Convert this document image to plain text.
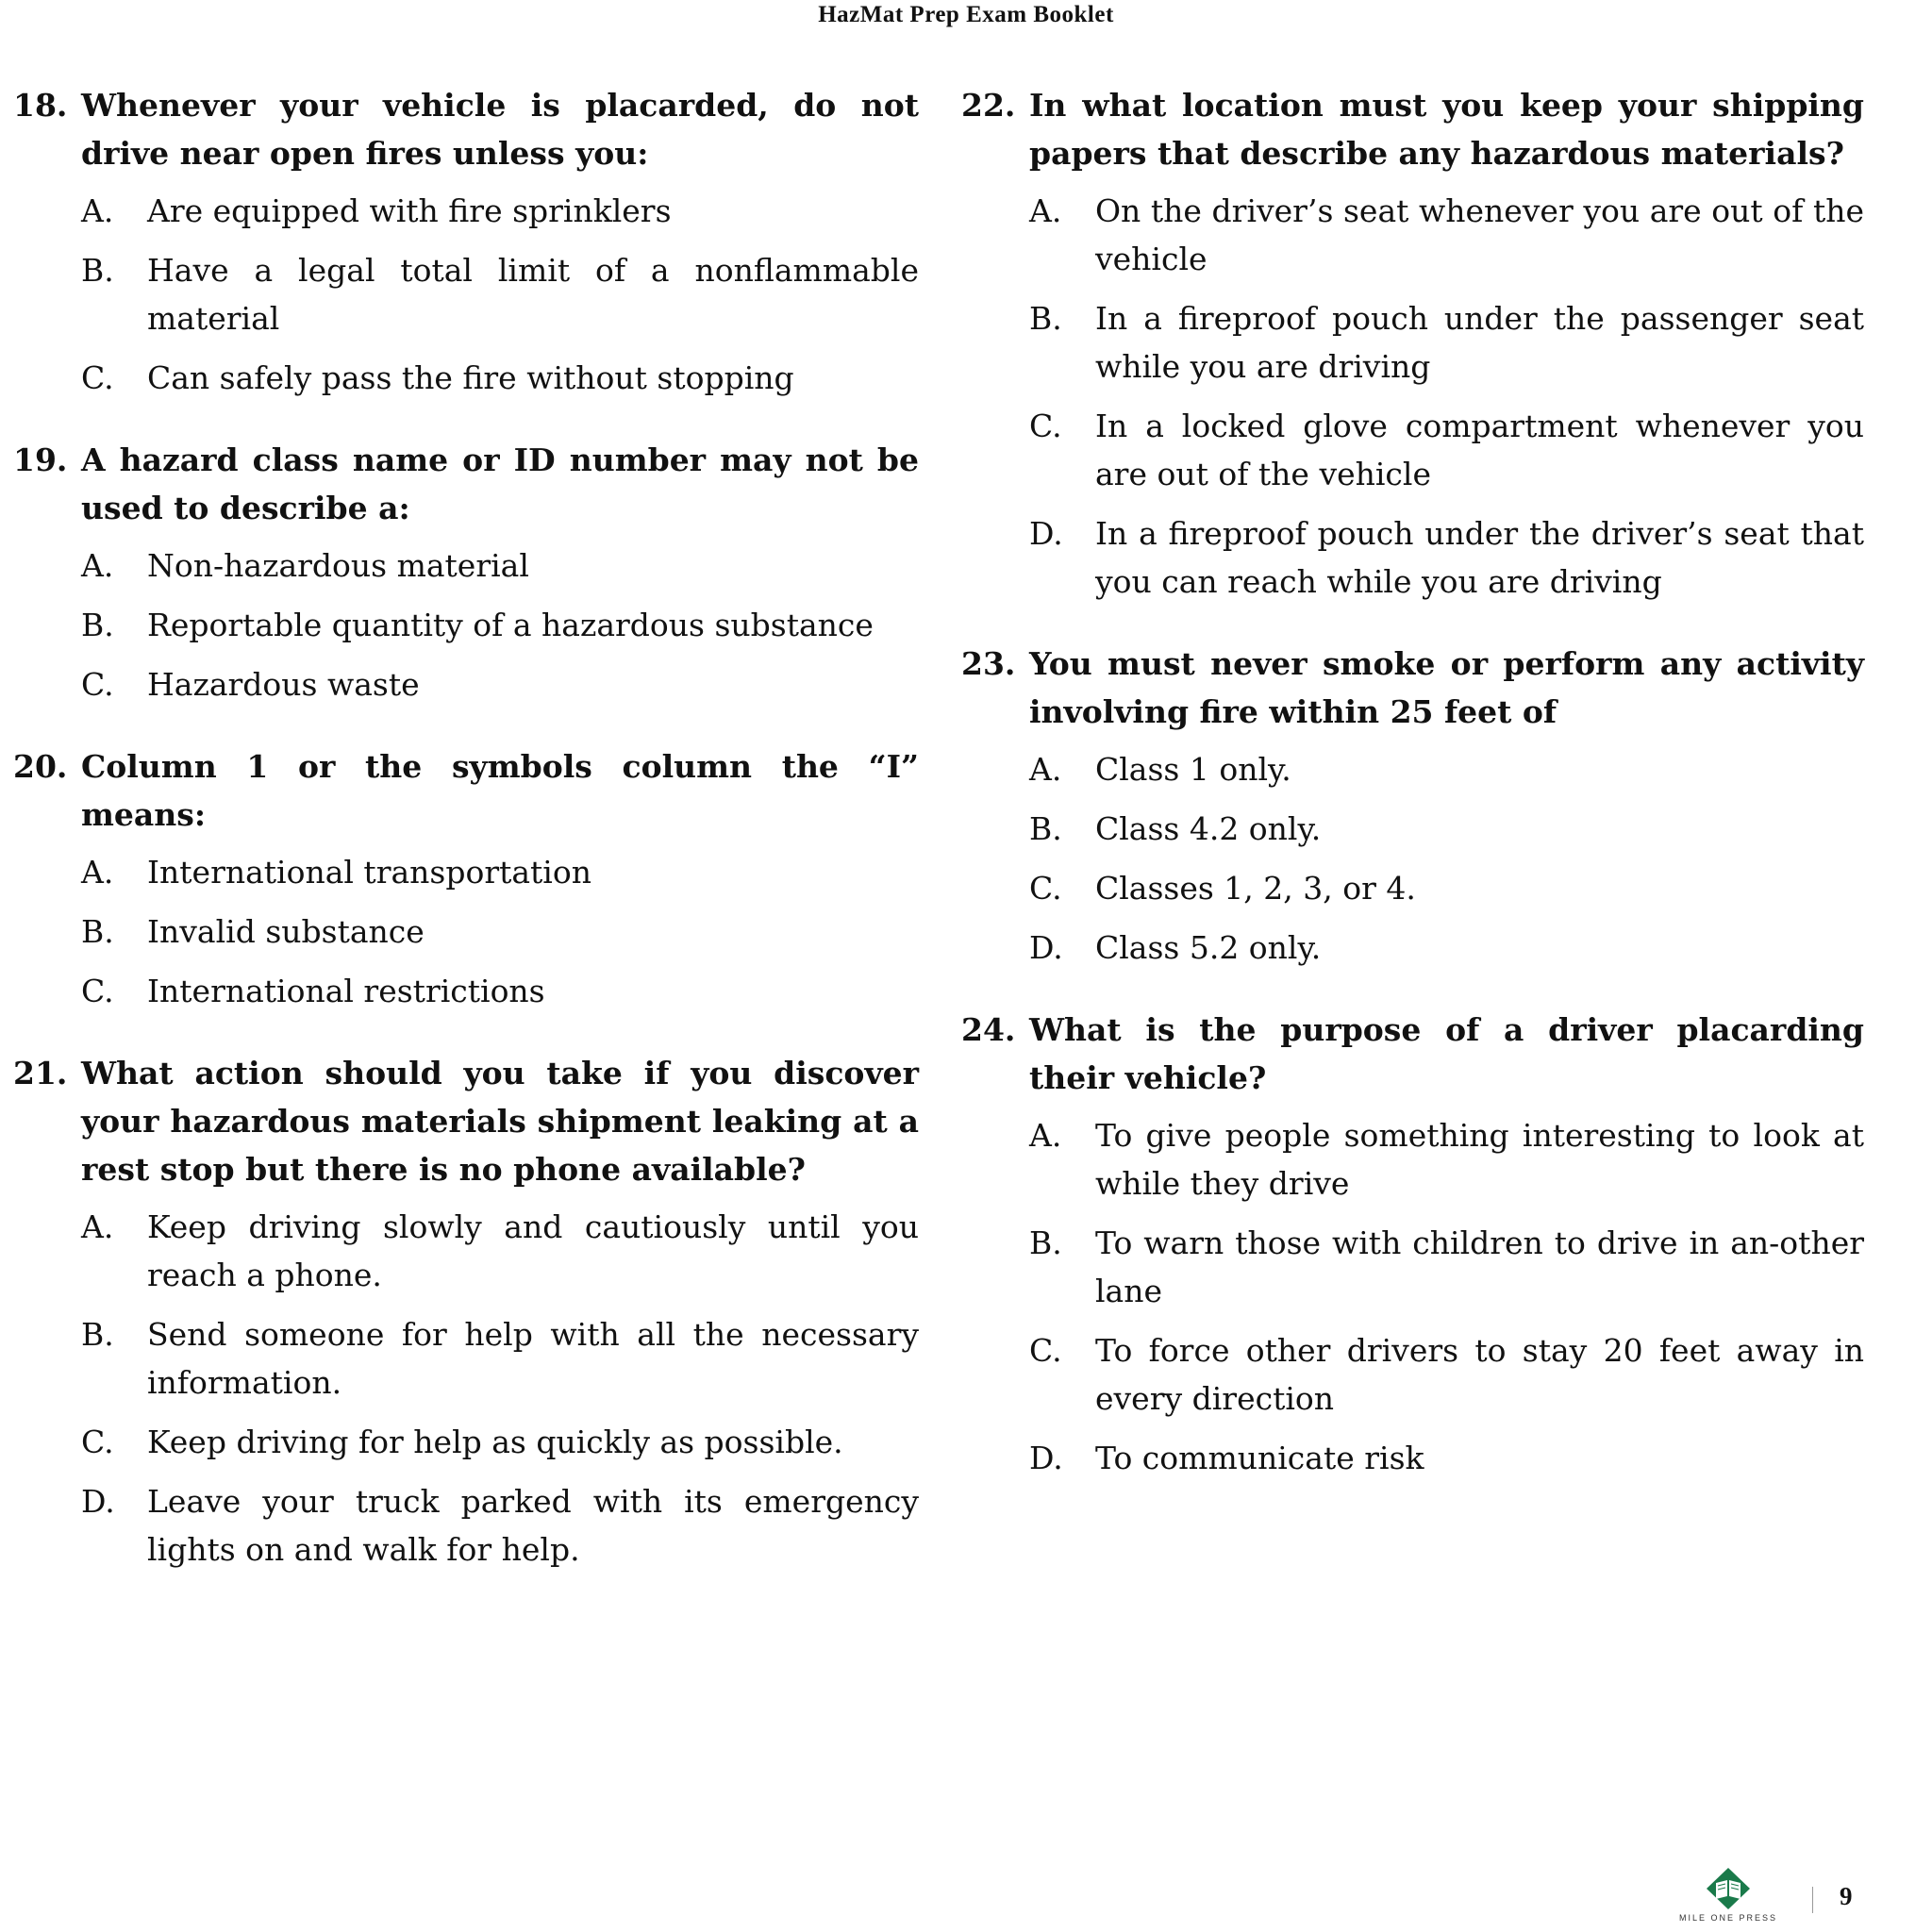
HazMat Prep Exam Booklet
18. Whenever your vehicle is placarded, do not drive near open fires unless you:
A.	Are equipped with fire sprinklers
B.	Have a legal total limit of a nonflammable material
C.	Can safely pass the fire without stopping
19. A hazard class name or ID number may not be used to describe a:
A.	Non-hazardous material
B.	Reportable quantity of a hazardous substance
C.	Hazardous waste
20. Column 1 or the symbols column the “I” means:
A.	International transportation
B.	Invalid substance
C.	International restrictions
21. What action should you take if you discover your hazardous materials shipment leaking at a rest stop but there is no phone available?
A.	Keep driving slowly and cautiously until you reach a phone.
B.	Send someone for help with all the necessary information.
C.	Keep driving for help as quickly as possible.
D.	Leave your truck parked with its emergency lights on and walk for help.
22. In what location must you keep your shipping papers that describe any hazardous materials?
A.	On the driver’s seat whenever you are out of the vehicle
B.	In a fireproof pouch under the passenger seat while you are driving
C.	In a locked glove compartment whenever you are out of the vehicle
D.	In a fireproof pouch under the driver’s seat that you can reach while you are driving
23. You must never smoke or perform any activity involving fire within 25 feet of
A.	Class 1 only.
B.	Class 4.2 only.
C.	Classes 1, 2, 3, or 4.
D.	Class 5.2 only.
24. What is the purpose of a driver placarding their vehicle?
A.	To give people something interesting to look at while they drive
B.	To warn those with children to drive in an-other lane
C.	To force other drivers to stay 20 feet away in every direction
D.	To communicate risk
MILE ONE PRESS
9
